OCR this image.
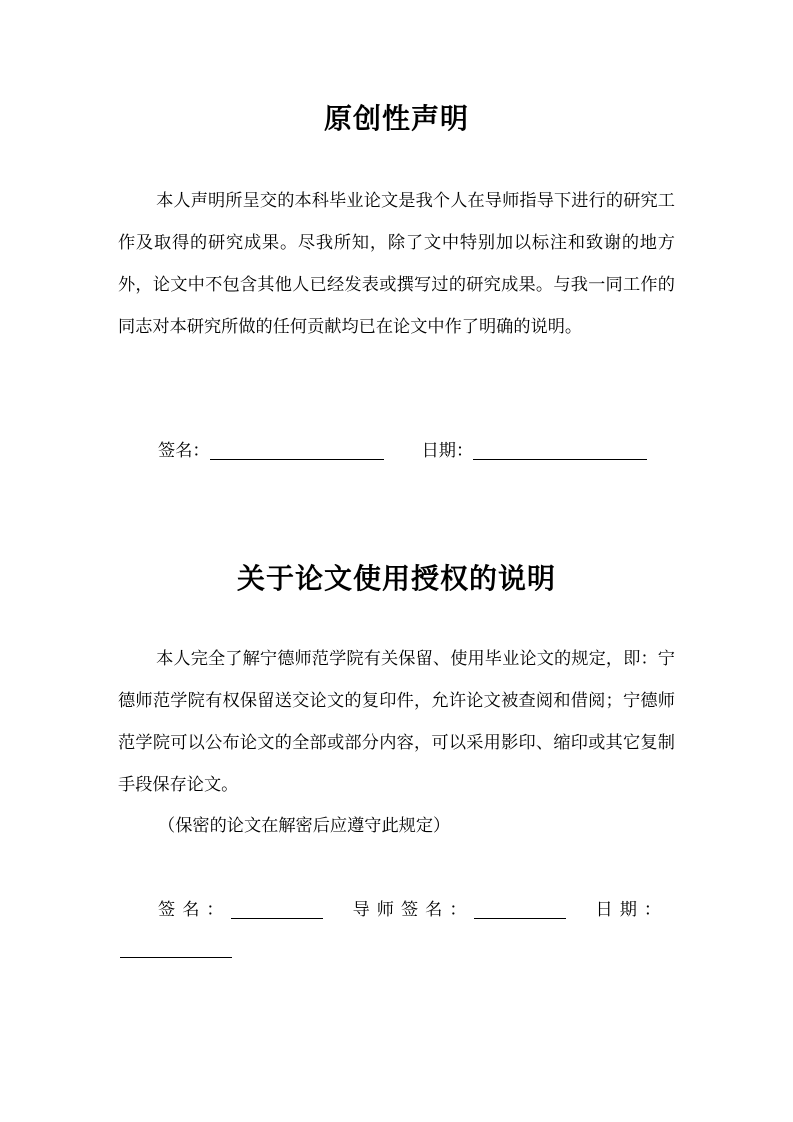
原创性声明

本人声明所呈交的本科毕业论文是我个人在导师指导下进行的研究工作及取得的研究成果。尽我所知，除了文中特别加以标注和致谢的地方外，论文中不包含其他人已经发表或撰写过的研究成果。与我一同工作的同志对本研究所做的任何贡献均已在论文中作了明确的说明。

签名：	日期：
关于论文使用授权的说明

本人完全了解宁德师范学院有关保留、使用毕业论文的规定，即：宁德师范学院有权保留送交论文的复印件，允许论文被查阅和借阅；宁德师范学院可以公布论文的全部或部分内容，可以采用影印、缩印或其它复制手段保存论文。

（保密的论文在解密后应遵守此规定）
签名：	导师签名：	日期：
